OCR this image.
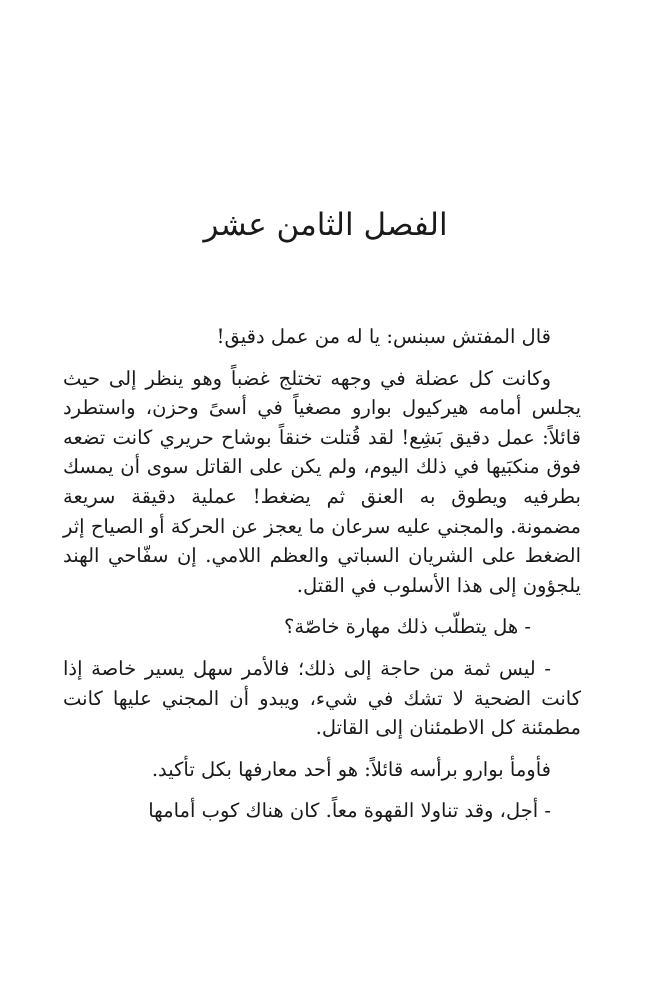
الفصل الثامن عشر

قال المفتش سبنس: يا له من عمل دقيق!

وكانت كل عضلة في وجهه تختلج غضباً وهو ينظر إلى حيث يجلس أمامه هيركيول بوارو مصغياً في أسىً وحزن، واستطرد قائلاً: عمل دقيق بَشِع! لقد قُتلت خنقاً بوشاح حريري كانت تضعه فوق منكبَيها في ذلك اليوم، ولم يكن على القاتل سوى أن يمسك بطرفيه ويطوق به العنق ثم يضغط! عملية دقيقة سريعة مضمونة. والمجني عليه سرعان ما يعجز عن الحركة أو الصياح إثر الضغط على الشريان السباتي والعظم اللامي. إن سفّاحي الهند يلجؤون إلى هذا الأسلوب في القتل.

- هل يتطلّب ذلك مهارة خاصّة؟

- ليس ثمة من حاجة إلى ذلك؛ فالأمر سهل يسير خاصة إذا كانت الضحية لا تشك في شيء، ويبدو أن المجني عليها كانت مطمئنة كل الاطمئنان إلى القاتل.

فأومأ بوارو برأسه قائلاً: هو أحد معارفها بكل تأكيد.

- أجل، وقد تناولا القهوة معاً. كان هناك كوب أمامها
